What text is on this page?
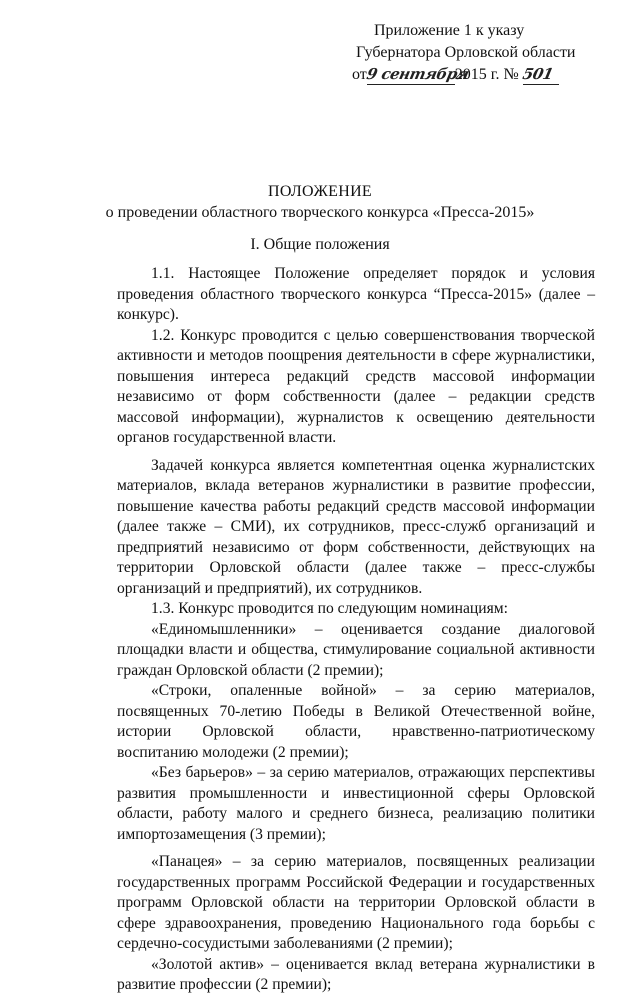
Приложение 1 к указу
Губернатора Орловской области
от9 сентября2015 г. № 501
ПОЛОЖЕНИЕ
о проведении областного творческого конкурса «Пресса-2015»
I. Общие положения

1.1. Настоящее Положение определяет порядок и условия проведения областного творческого конкурса “Пресса-2015» (далее – конкурс).

1.2. Конкурс проводится с целью совершенствования творческой активности и методов поощрения деятельности в сфере журналистики, повышения интереса редакций средств массовой информации независимо от форм собственности (далее – редакции средств массовой информации), журналистов к освещению деятельности органов государственной власти.

Задачей конкурса является компетентная оценка журналистских материалов, вклада ветеранов журналистики в развитие профессии, повышение качества работы редакций средств массовой информации (далее также – СМИ), их сотрудников, пресс-служб организаций и предприятий независимо от форм собственности, действующих на территории Орловской области (далее также – пресс-службы организаций и предприятий), их сотрудников.

1.3. Конкурс проводится по следующим номинациям:

«Единомышленники» – оценивается создание диалоговой площадки власти и общества, стимулирование социальной активности граждан Орловской области (2 премии);

«Строки, опаленные войной» – за серию материалов, посвященных 70-летию Победы в Великой Отечественной войне, истории Орловской области, нравственно-патриотическому воспитанию молодежи (2 премии);

«Без барьеров» – за серию материалов, отражающих перспективы развития промышленности и инвестиционной сферы Орловской области, работу малого и среднего бизнеса, реализацию политики импортозамещения (3 премии);

«Панацея» – за серию материалов, посвященных реализации государственных программ Российской Федерации и государственных программ Орловской области на территории Орловской области в сфере здравоохранения, проведению Национального года борьбы с сердечно-сосудистыми заболеваниями (2 премии);

«Золотой актив» – оценивается вклад ветерана журналистики в развитие профессии (2 премии);
